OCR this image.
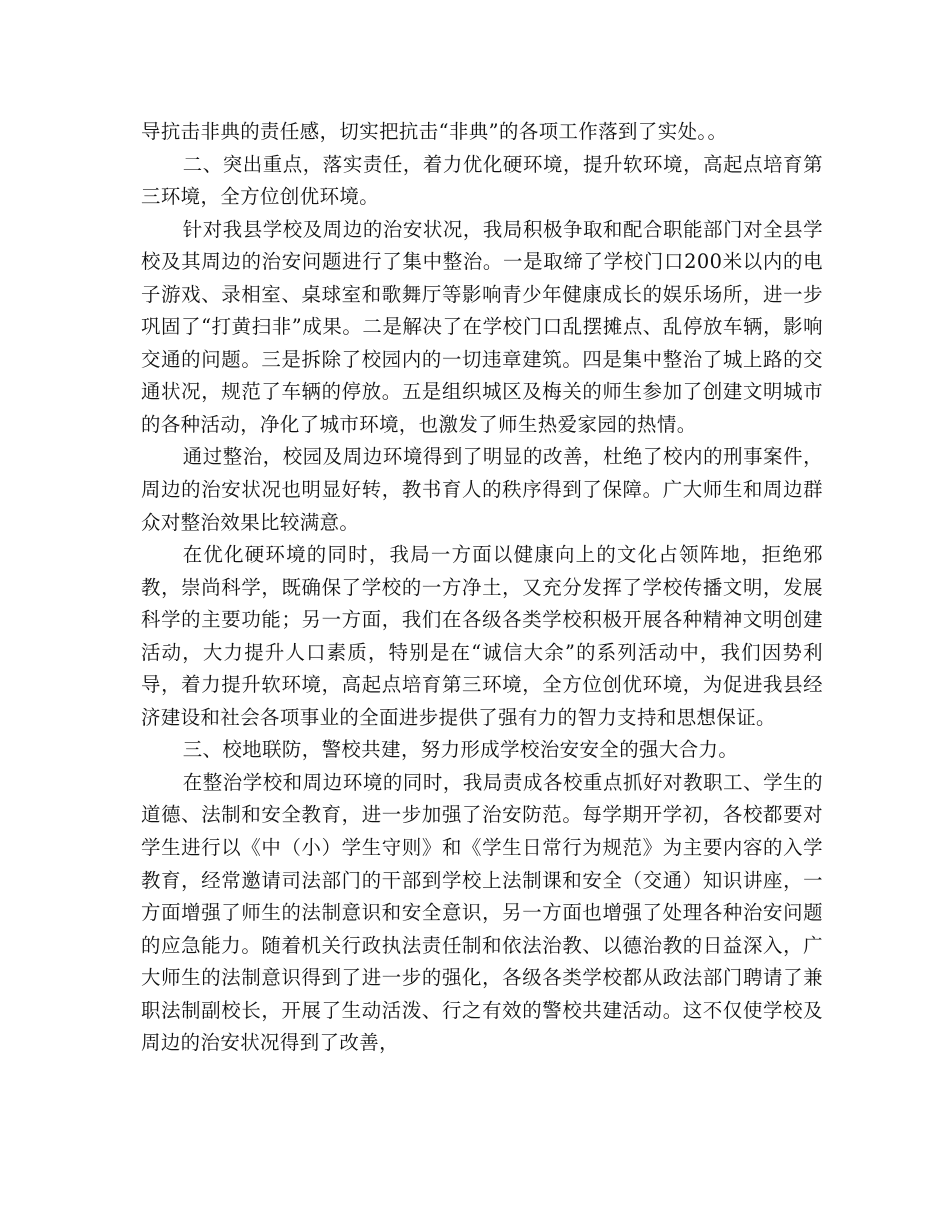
导抗击非典的责任感，切实把抗击“非典”的各项工作落到了实处。。

二、突出重点，落实责任，着力优化硬环境，提升软环境，高起点培育第三环境，全方位创优环境。

针对我县学校及周边的治安状况，我局积极争取和配合职能部门对全县学校及其周边的治安问题进行了集中整治。一是取缔了学校门口200米以内的电子游戏、录相室、桌球室和歌舞厅等影响青少年健康成长的娱乐场所，进一步巩固了“打黄扫非”成果。二是解决了在学校门口乱摆摊点、乱停放车辆，影响交通的问题。三是拆除了校园内的一切违章建筑。四是集中整治了城上路的交通状况，规范了车辆的停放。五是组织城区及梅关的师生参加了创建文明城市的各种活动，净化了城市环境，也激发了师生热爱家园的热情。

通过整治，校园及周边环境得到了明显的改善，杜绝了校内的刑事案件，周边的治安状况也明显好转，教书育人的秩序得到了保障。广大师生和周边群众对整治效果比较满意。

在优化硬环境的同时，我局一方面以健康向上的文化占领阵地，拒绝邪教，崇尚科学，既确保了学校的一方净土，又充分发挥了学校传播文明，发展科学的主要功能；另一方面，我们在各级各类学校积极开展各种精神文明创建活动，大力提升人口素质，特别是在“诚信大余”的系列活动中，我们因势利导，着力提升软环境，高起点培育第三环境，全方位创优环境，为促进我县经济建设和社会各项事业的全面进步提供了强有力的智力支持和思想保证。

三、校地联防，警校共建，努力形成学校治安安全的强大合力。

在整治学校和周边环境的同时，我局责成各校重点抓好对教职工、学生的道德、法制和安全教育，进一步加强了治安防范。每学期开学初，各校都要对学生进行以《中（小）学生守则》和《学生日常行为规范》为主要内容的入学教育，经常邀请司法部门的干部到学校上法制课和安全（交通）知识讲座，一方面增强了师生的法制意识和安全意识，另一方面也增强了处理各种治安问题的应急能力。随着机关行政执法责任制和依法治教、以德治教的日益深入，广大师生的法制意识得到了进一步的强化，各级各类学校都从政法部门聘请了兼职法制副校长，开展了生动活泼、行之有效的警校共建活动。这不仅使学校及周边的治安状况得到了改善，
